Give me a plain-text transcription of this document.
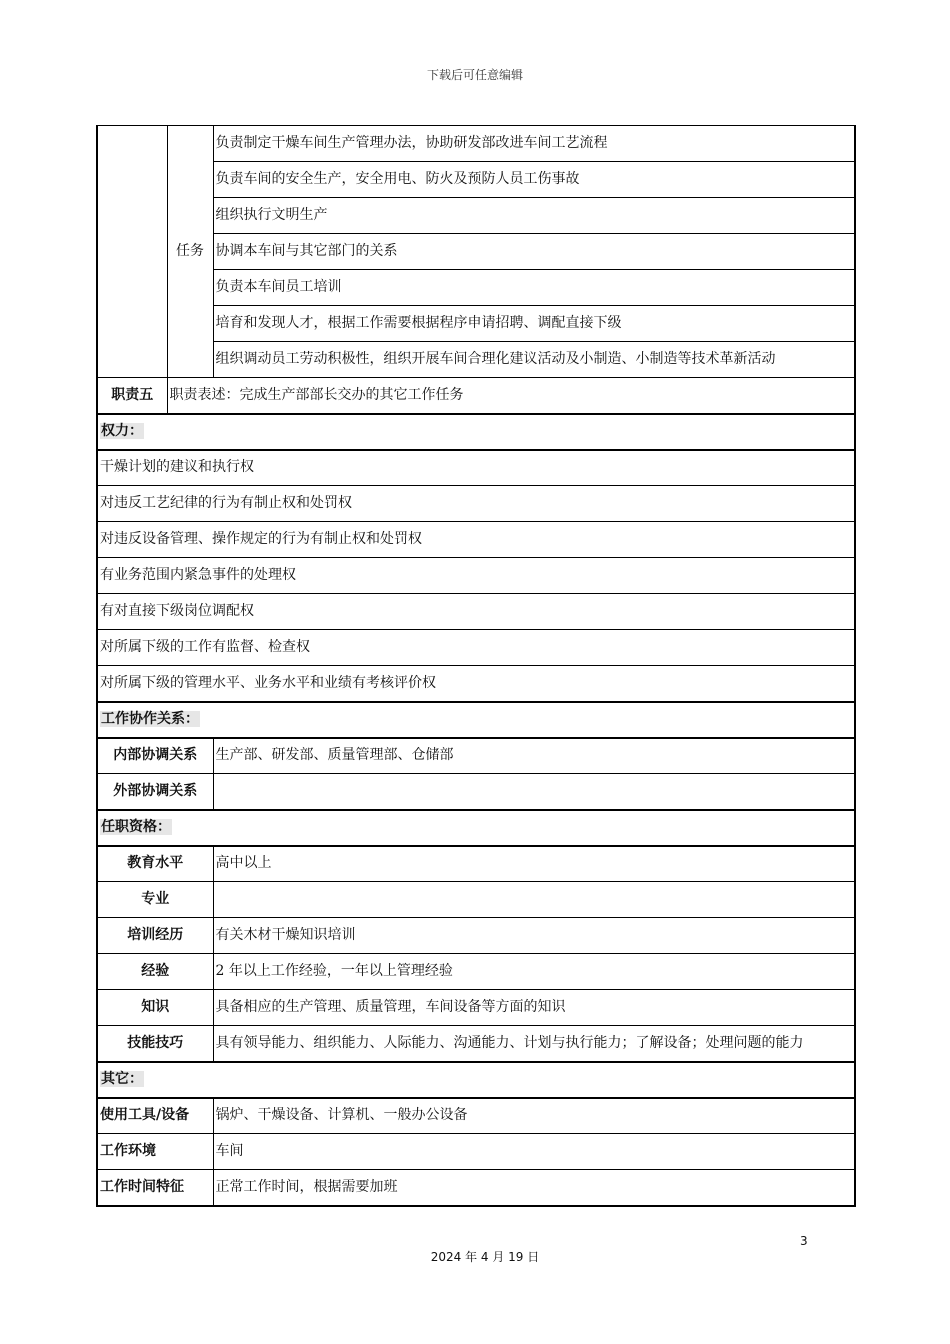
下载后可任意编辑
	任务	负责制定干燥车间生产管理办法，协助研发部改进车间工艺流程
		负责车间的安全生产，安全用电、防火及预防人员工伤事故
		组织执行文明生产
		协调本车间与其它部门的关系
		负责本车间员工培训
		培育和发现人才，根据工作需要根据程序申请招聘、调配直接下级
		组织调动员工劳动积极性，组织开展车间合理化建议活动及小制造、小制造等技术革新活动
职责五	职责表述：完成生产部部长交办的其它工作任务	
权力：		
干燥计划的建议和执行权		
对违反工艺纪律的行为有制止权和处罚权		
对违反设备管理、操作规定的行为有制止权和处罚权		
有业务范围内紧急事件的处理权		
有对直接下级岗位调配权		
对所属下级的工作有监督、检查权		
对所属下级的管理水平、业务水平和业绩有考核评价权		
工作协作关系：		
内部协调关系		生产部、研发部、质量管理部、仓储部
外部协调关系		
任职资格：		
教育水平		高中以上
专业		
培训经历		有关木材干燥知识培训
经验		2 年以上工作经验，一年以上管理经验
知识		具备相应的生产管理、质量管理，车间设备等方面的知识
技能技巧		具有领导能力、组织能力、人际能力、沟通能力、计划与执行能力；了解设备；处理问题的能力
其它：		
使用工具/设备		锅炉、干燥设备、计算机、一般办公设备
工作环境		车间
工作时间特征		正常工作时间，根据需要加班
3
2024 年 4 月 19 日
